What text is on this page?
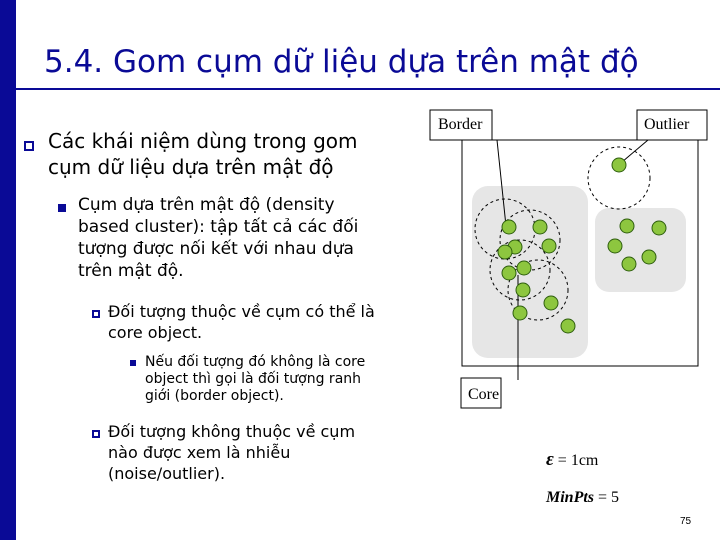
5.4. Gom cụm dữ liệu dựa trên mật độ
Các khái niệm dùng trong gom
cụm dữ liệu dựa trên mật độ
Cụm dựa trên mật độ (density
based cluster): tập tất cả các đối
tượng được nối kết với nhau dựa
trên mật độ.
Đối tượng thuộc về cụm có thể là
core object.
Nếu đối tượng đó không là core
object thì gọi là đối tượng ranh
giới (border object).
Đối tượng không thuộc về cụm
nào được xem là nhiễu
(noise/outlier).
Border	Outlier
Core
ε = 1cm
MinPts = 5
75
